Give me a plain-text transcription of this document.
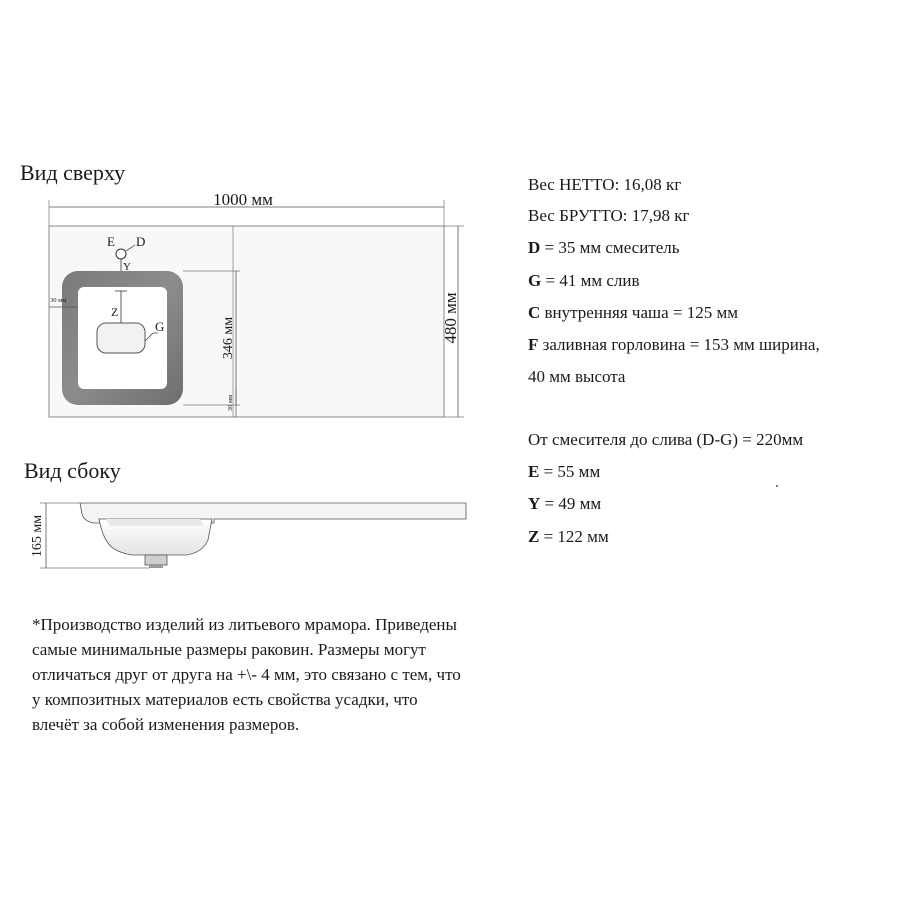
Вид сверху
Вид сбоку
1000 мм
480 мм
346 мм
30 мм
30 мм
E D
Y
Z
G
165 мм
Вес НЕТТО: 16,08 кг
Вес БРУТТО: 17,98 кг
D = 35 мм смеситель
G = 41 мм слив
C внутренняя чаша = 125 мм
F заливная горловина = 153 мм ширина,
40 мм высота
От смесителя до слива (D-G) = 220мм
E = 55 мм
Y = 49 мм
Z = 122 мм
*Производство изделий из литьевого мрамора. Приведены
самые минимальные размеры раковин. Размеры могут
отличаться друг от друга на +\- 4 мм, это связано с тем, что
у композитных материалов есть свойства усадки, что
влечёт за собой изменения размеров.
